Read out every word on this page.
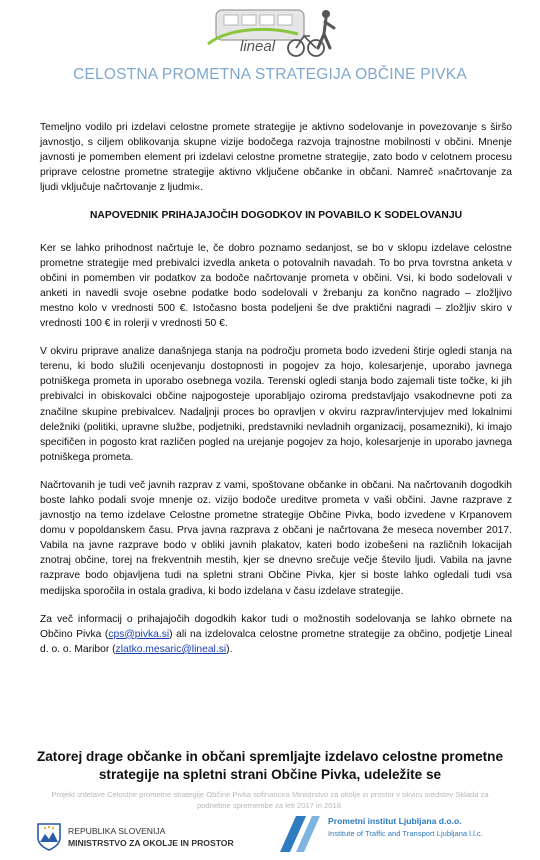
lineal
CELOSTNA PROMETNA STRATEGIJA OBČINE PIVKA

Temeljno vodilo pri izdelavi celostne promete strategije je aktivno sodelovanje in povezovanje s širšo javnostjo, s ciljem oblikovanja skupne vizije bodočega razvoja trajnostne mobilnosti v občini. Mnenje javnosti je pomemben element pri izdelavi celostne prometne strategije, zato bodo v celotnem procesu priprave celostne prometne strategije aktivno vključene občanke in občani. Namreč »načrtovanje za ljudi vključuje načrtovanje z ljudmi«.

NAPOVEDNIK PRIHAJAJOČIH DOGODKOV IN POVABILO K SODELOVANJU

Ker se lahko prihodnost načrtuje le, če dobro poznamo sedanjost, se bo v sklopu izdelave celostne prometne strategije med prebivalci izvedla anketa o potovalnih navadah. To bo prva tovrstna anketa v občini in pomemben vir podatkov za bodoče načrtovanje prometa v občini. Vsi, ki bodo sodelovali v anketi in navedli svoje osebne podatke bodo sodelovali v žrebanju za končno nagrado – zložljivo mestno kolo v vrednosti 500 €. Istočasno bosta podeljeni še dve praktični nagradi – zložljiv skiro v vrednosti 100 € in rolerji v vrednosti 50 €.

V okviru priprave analize današnjega stanja na področju prometa bodo izvedeni štirje ogledi stanja na terenu, ki bodo služili ocenjevanju dostopnosti in pogojev za hojo, kolesarjenje, uporabo javnega potniškega prometa in uporabo osebnega vozila. Terenski ogledi stanja bodo zajemali tiste točke, ki jih prebivalci in obiskovalci občine najpogosteje uporabljajo oziroma predstavljajo vsakodnevne poti za značilne skupine prebivalcev. Nadaljnji proces bo opravljen v okviru razprav/intervjujev med lokalnimi deležniki (politiki, upravne službe, podjetniki, predstavniki nevladnih organizacij, posamezniki), ki imajo specifičen in pogosto krat različen pogled na urejanje pogojev za hojo, kolesarjenje in uporabo javnega potniškega prometa.

Načrtovanih je tudi več javnih razprav z vami, spoštovane občanke in občani. Na načrtovanih dogodkih boste lahko podali svoje mnenje oz. vizijo bodoče ureditve prometa v vaši občini. Javne razprave z javnostjo na temo izdelave Celostne prometne strategije Občine Pivka, bodo izvedene v Krpanovem domu v popoldanskem času. Prva javna razprava z občani je načrtovana že meseca november 2017. Vabila na javne razprave bodo v obliki javnih plakatov, kateri bodo izobešeni na različnih lokacijah znotraj občine, torej na frekventnih mestih, kjer se dnevno srečuje večje število ljudi. Vabila na javne razprave bodo objavljena tudi na spletni strani Občine Pivka, kjer si boste lahko ogledali tudi vsa medijska sporočila in ostala gradiva, ki bodo izdelana v času izdelave strategije.

Za več informacij o prihajajočih dogodkih kakor tudi o možnostih sodelovanja se lahko obrnete na Občino Pivka (cps@pivka.si) ali na izdelovalca celostne prometne strategije za občino, podjetje Lineal d. o. o. Maribor (zlatko.mesaric@lineal.si).

Zatorej drage občanke in občani spremljajte izdelavo celostne prometne strategije na spletni strani Občine Pivka, udeležite se
Projekt izdelave Celostne prometne strategije Občine Pivka sofinancira Ministrstvo za okolje in prostor v okviru sredstev Sklada za podnebne spremembe za leti 2017 in 2018.
REPUBLIKA SLOVENIJA
MINISTRSTVO ZA OKOLJE IN PROSTOR
Prometni institut Ljubljana d.o.o.
Institute of Traffic and Transport Ljubljana l.l.c.
